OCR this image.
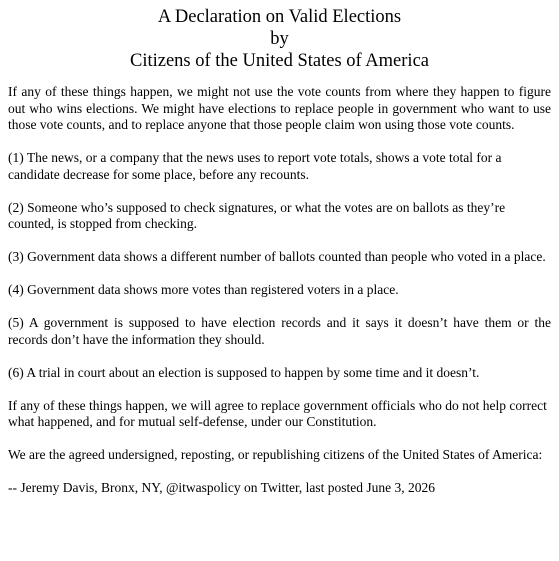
A Declaration on Valid Elections
by
Citizens of the United States of America

If any of these things happen, we might not use the vote counts from where they happen to figure out who wins elections. We might have elections to replace people in government who want to use those vote counts, and to replace anyone that those people claim won using those vote counts.

(1) The news, or a company that the news uses to report vote totals, shows a vote total for a candidate decrease for some place, before any recounts.

(2) Someone who’s supposed to check signatures, or what the votes are on ballots as they’re counted, is stopped from checking.

(3) Government data shows a different number of ballots counted than people who voted in a place.

(4) Government data shows more votes than registered voters in a place.

(5) A government is supposed to have election records and it says it doesn’t have them or the records don’t have the information they should.

(6) A trial in court about an election is supposed to happen by some time and it doesn’t.

If any of these things happen, we will agree to replace government officials who do not help correct what happened, and for mutual self-defense, under our Constitution.

We are the agreed undersigned, reposting, or republishing citizens of the United States of America:

-- Jeremy Davis, Bronx, NY, @itwaspolicy on Twitter, last posted June 3, 2026
